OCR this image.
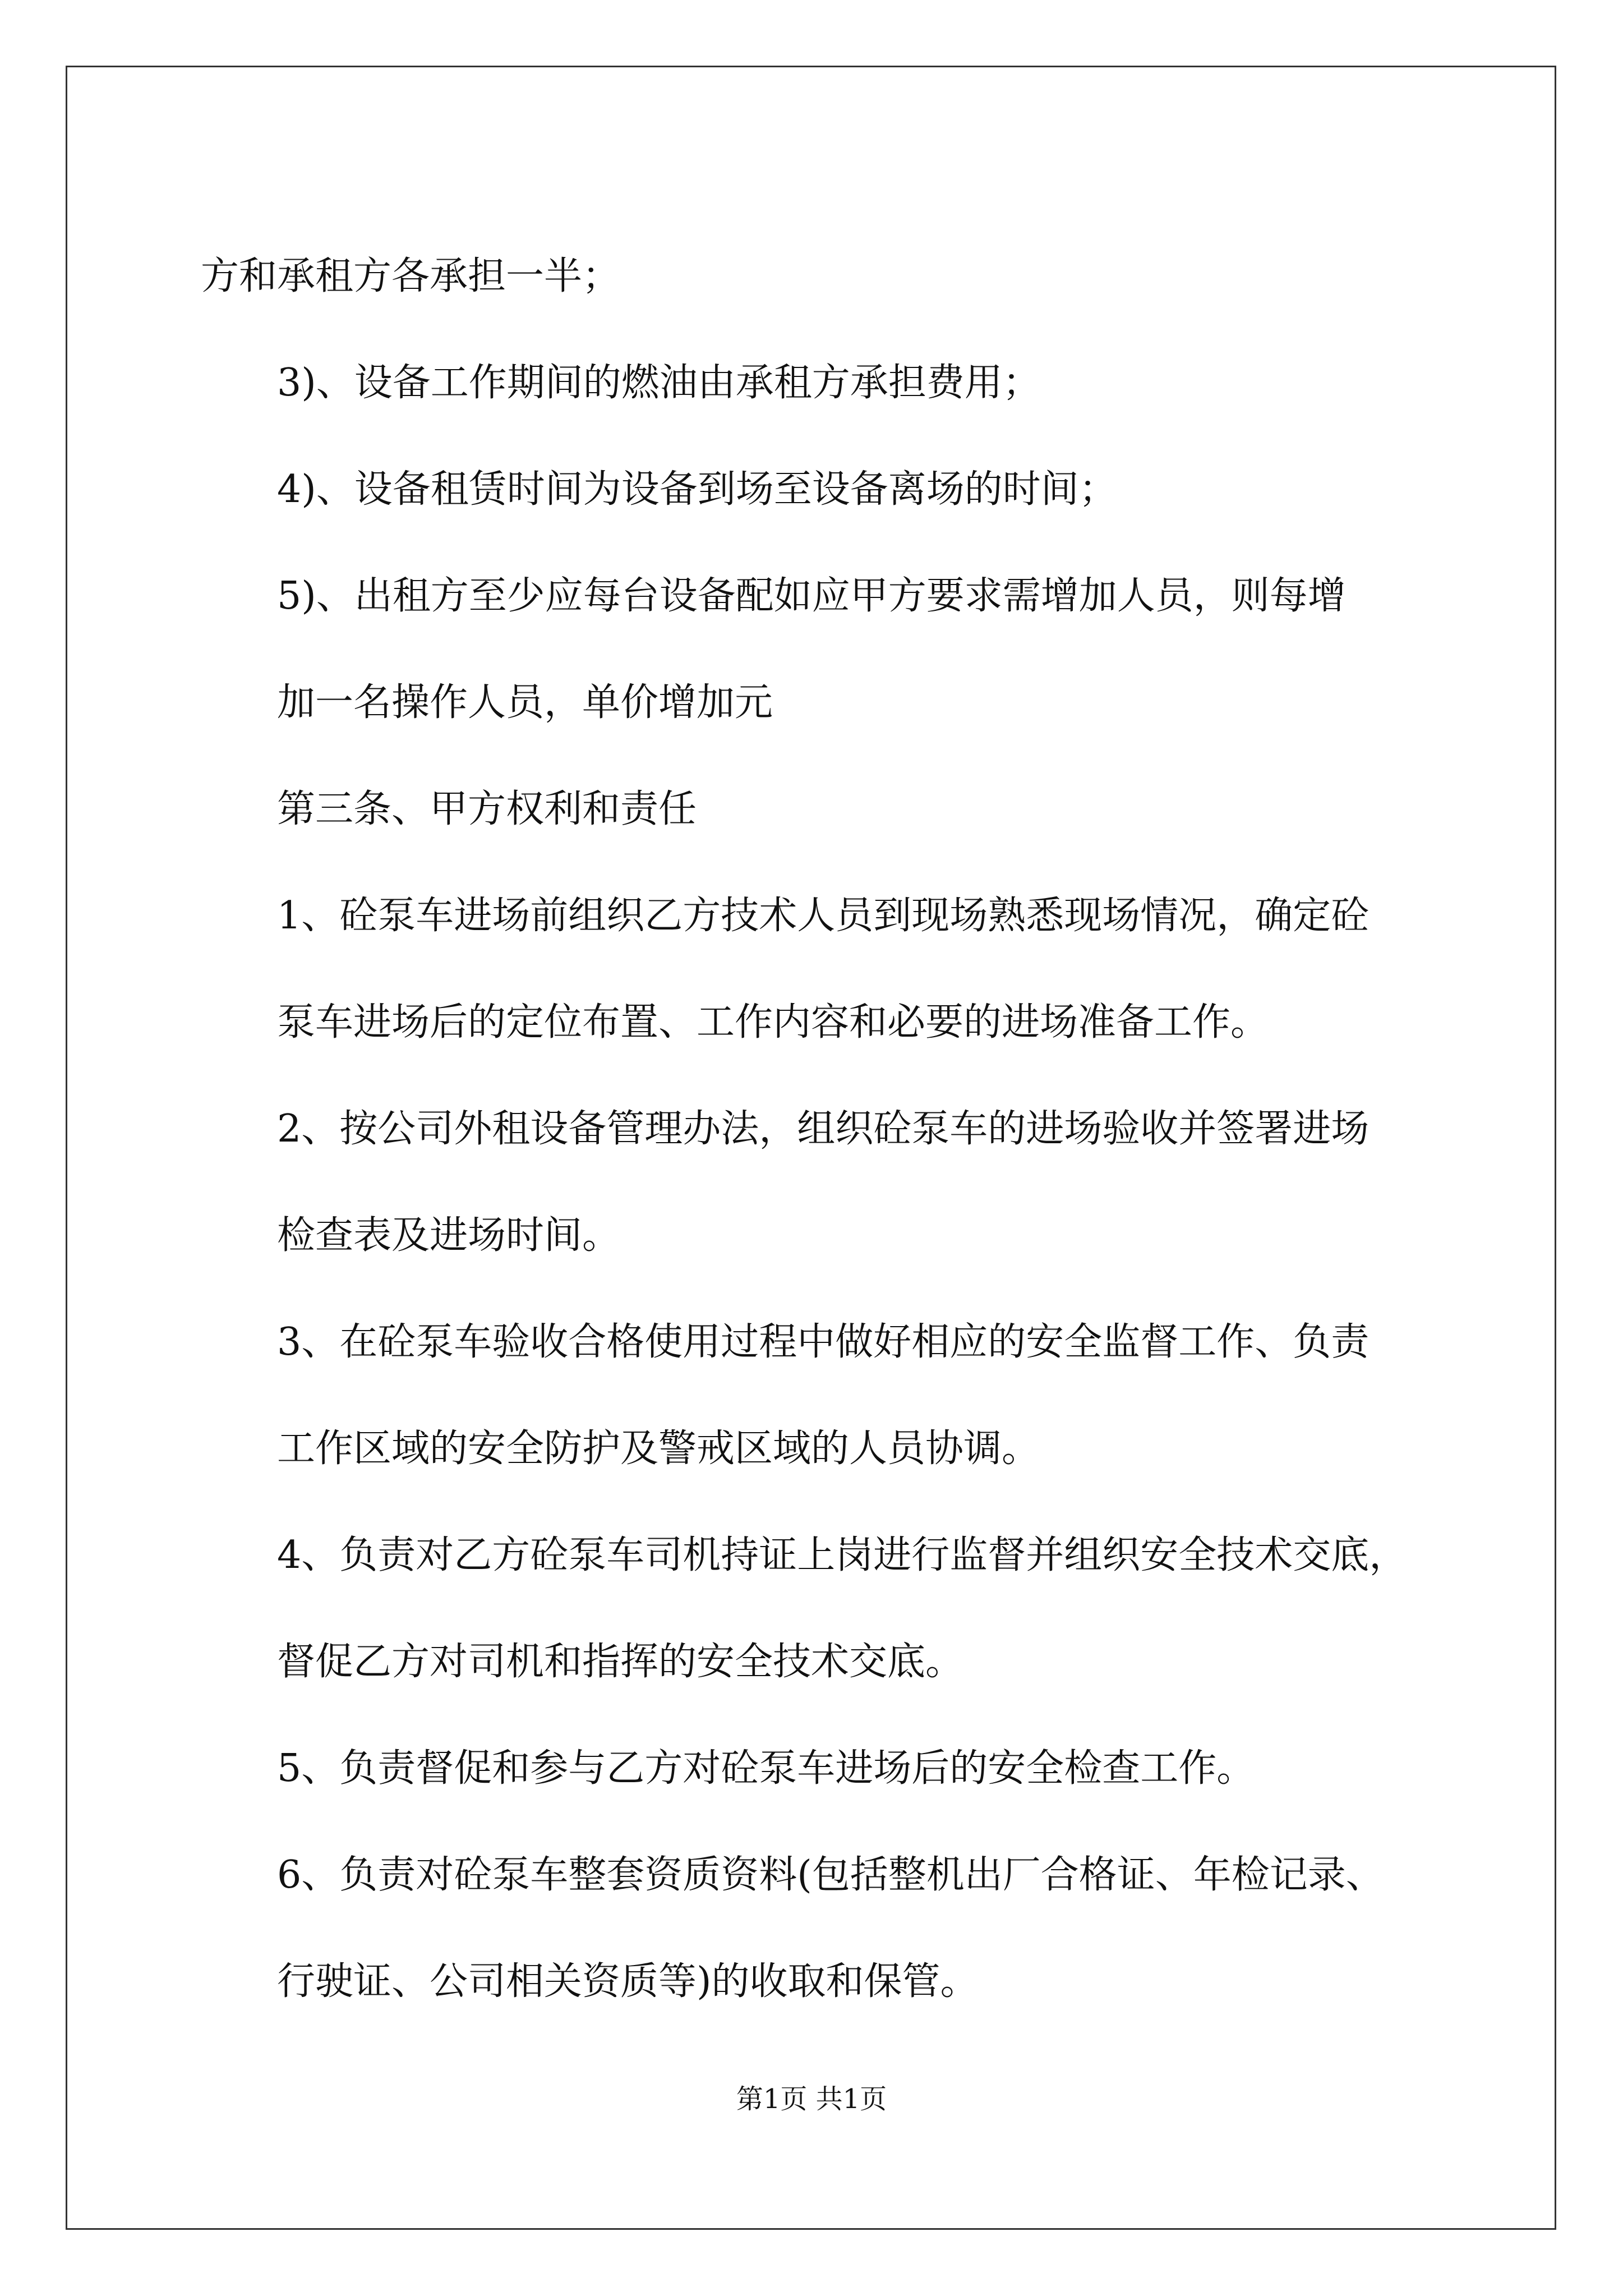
方和承租方各承担一半；

3)、设备工作期间的燃油由承租方承担费用；

4)、设备租赁时间为设备到场至设备离场的时间；

5)、出租方至少应每台设备配如应甲方要求需增加人员，则每增
加一名操作人员，单价增加元

第三条、甲方权利和责任

1、砼泵车进场前组织乙方技术人员到现场熟悉现场情况，确定砼
泵车进场后的定位布置、工作内容和必要的进场准备工作。

2、按公司外租设备管理办法，组织砼泵车的进场验收并签署进场
检查表及进场时间。

3、在砼泵车验收合格使用过程中做好相应的安全监督工作、负责
工作区域的安全防护及警戒区域的人员协调。

4、负责对乙方砼泵车司机持证上岗进行监督并组织安全技术交底，
督促乙方对司机和指挥的安全技术交底。

5、负责督促和参与乙方对砼泵车进场后的安全检查工作。

6、负责对砼泵车整套资质资料(包括整机出厂合格证、年检记录、
行驶证、公司相关资质等)的收取和保管。

第1页 共1页
